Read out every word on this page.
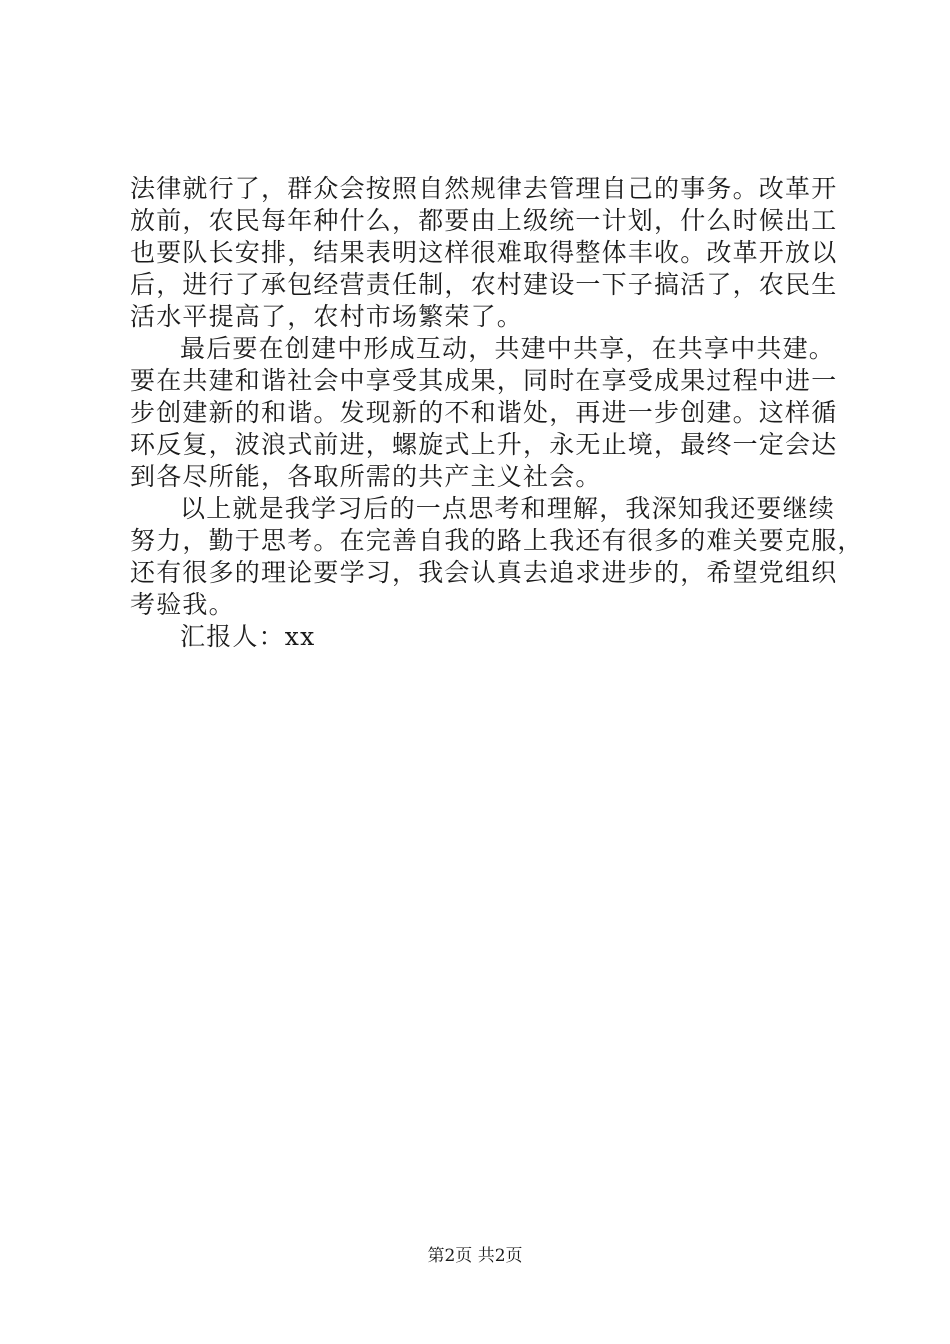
法律就行了，群众会按照自然规律去管理自己的事务。改革开
放前，农民每年种什么，都要由上级统一计划，什么时候出工
也要队长安排，结果表明这样很难取得整体丰收。改革开放以
后，进行了承包经营责任制，农村建设一下子搞活了，农民生
活水平提高了，农村市场繁荣了。
最后要在创建中形成互动，共建中共享，在共享中共建。
要在共建和谐社会中享受其成果，同时在享受成果过程中进一
步创建新的和谐。发现新的不和谐处，再进一步创建。这样循
环反复，波浪式前进，螺旋式上升，永无止境，最终一定会达
到各尽所能，各取所需的共产主义社会。
以上就是我学习后的一点思考和理解，我深知我还要继续
努力，勤于思考。在完善自我的路上我还有很多的难关要克服，
还有很多的理论要学习，我会认真去追求进步的，希望党组织
考验我。
汇报人：xx
第2页 共2页
